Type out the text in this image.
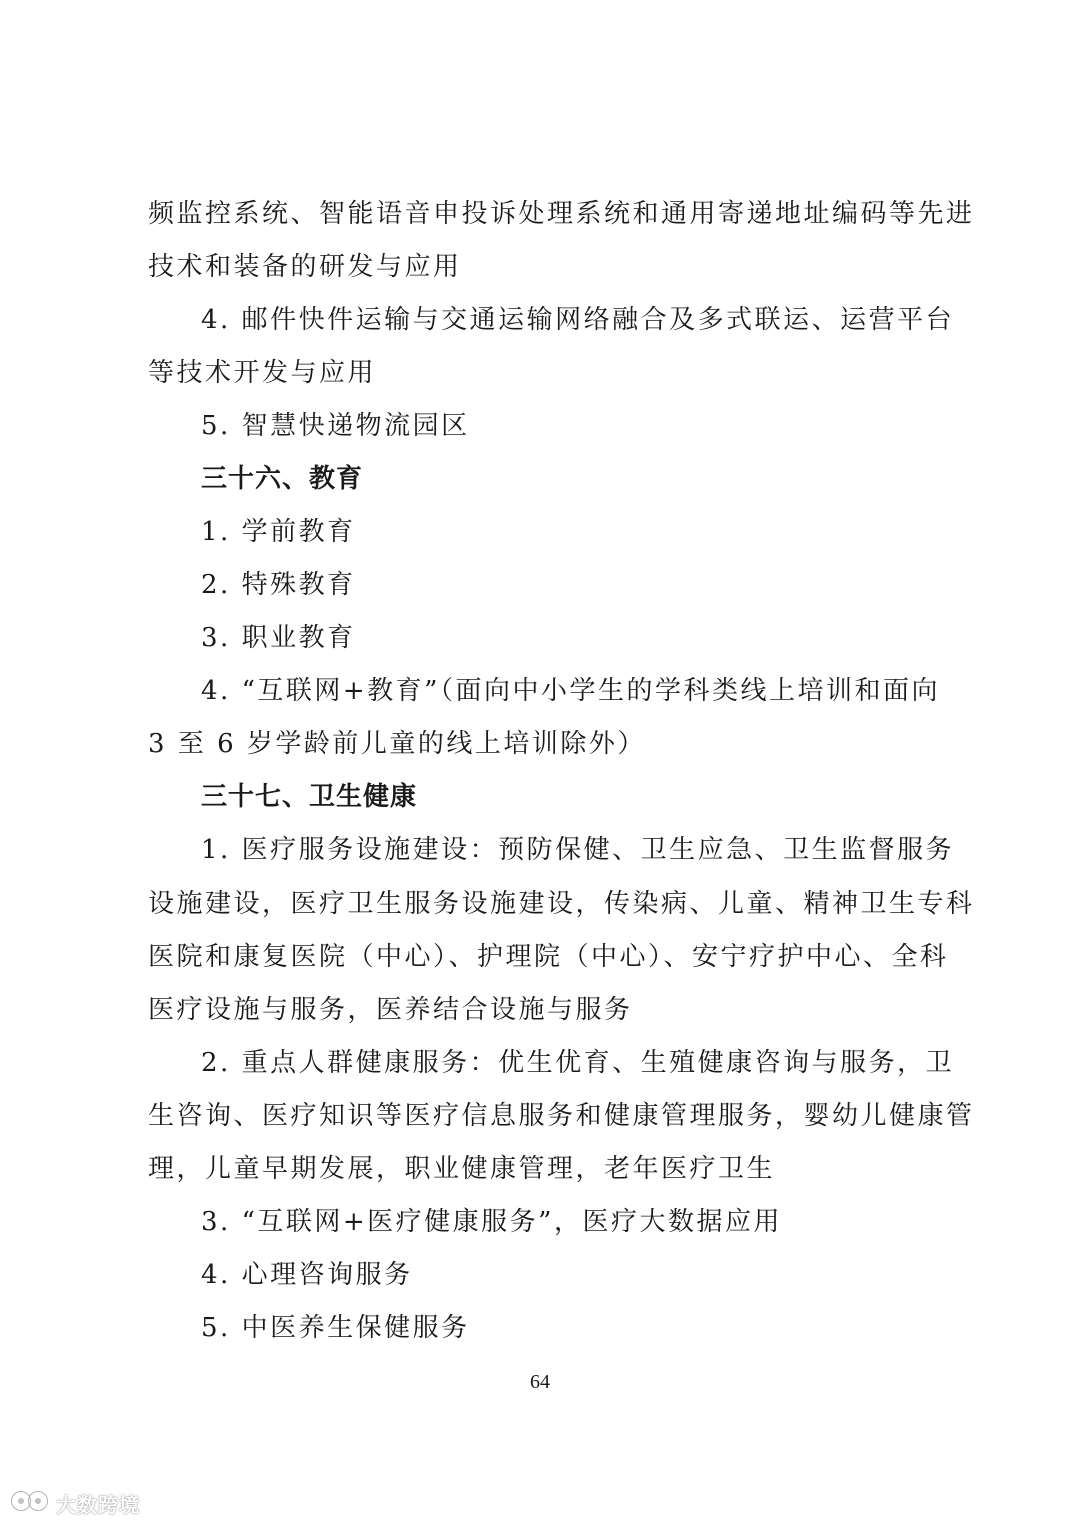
频监控系统、智能语音申投诉处理系统和通用寄递地址编码等先进
技术和装备的研发与应用
4. 邮件快件运输与交通运输网络融合及多式联运、运营平台
等技术开发与应用
5. 智慧快递物流园区
三十六、教育
1. 学前教育
2. 特殊教育
3. 职业教育
4. “互联网+教育”（面向中小学生的学科类线上培训和面向
3 至 6 岁学龄前儿童的线上培训除外）
三十七、卫生健康
1. 医疗服务设施建设：预防保健、卫生应急、卫生监督服务
设施建设，医疗卫生服务设施建设，传染病、儿童、精神卫生专科
医院和康复医院（中心）、护理院（中心）、安宁疗护中心、全科
医疗设施与服务，医养结合设施与服务
2. 重点人群健康服务：优生优育、生殖健康咨询与服务，卫
生咨询、医疗知识等医疗信息服务和健康管理服务，婴幼儿健康管
理，儿童早期发展，职业健康管理，老年医疗卫生
3. “互联网+医疗健康服务”，医疗大数据应用
4. 心理咨询服务
5. 中医养生保健服务
64
大数跨境
